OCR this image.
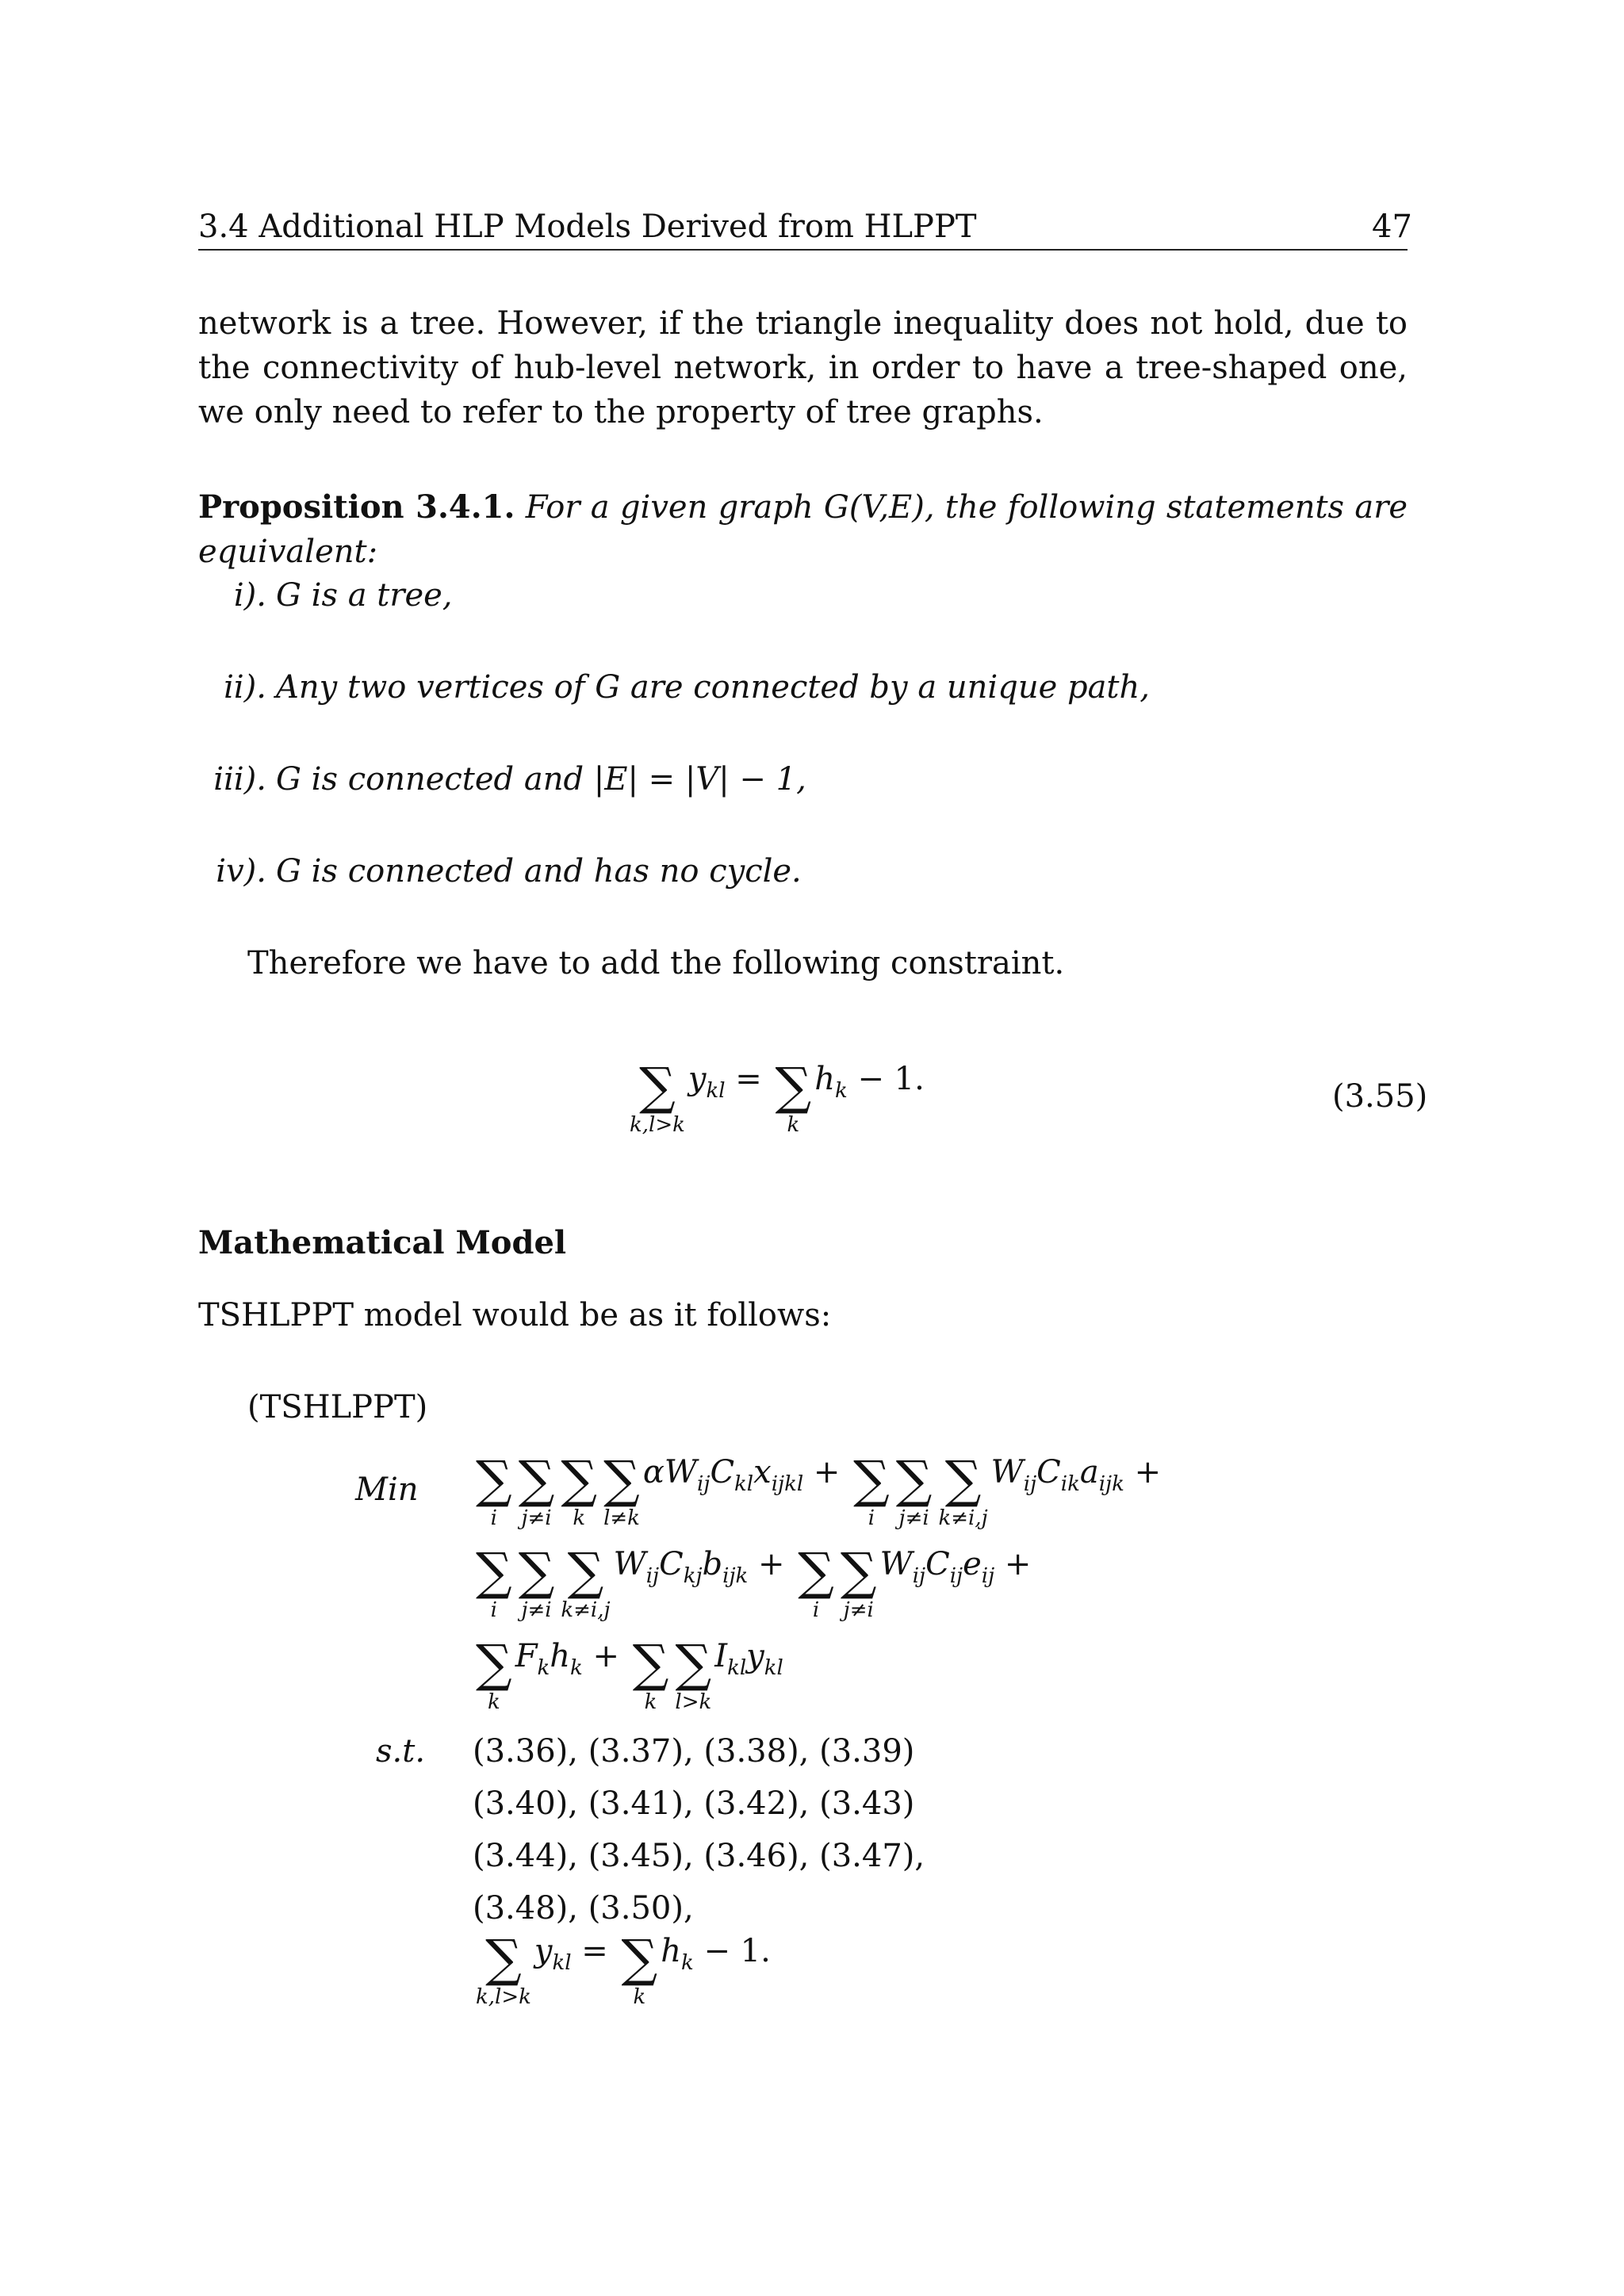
3.4 Additional HLP Models Derived from HLPPT	47
network is a tree. However, if the triangle inequality does not hold, due to the connectivity of hub-level network, in order to have a tree-shaped one, we only need to refer to the property of tree graphs.
Proposition 3.4.1. For a given graph G(V,E), the following statements are equivalent:
i). G is a tree,
ii). Any two vertices of G are connected by a unique path,
iii). G is connected and |E| = |V| − 1,
iv). G is connected and has no cycle.
Therefore we have to add the following constraint.
∑
k,l>k
$y_{kl}$ = ∑
k
$h_k - 1$.	(3.55)
Mathematical Model
TSHLPPT model would be as it follows:
(TSHLPPT)
Min ∑
i
∑
j≠i
∑
k
∑
l≠k
$\alpha W_{ij}C_{kl}x_{ijkl}$ + ∑
i
∑
j≠i
∑
k≠i,j
$W_{ij}C_{ik}a_{ijk}$ +
∑
i
∑
j≠i
∑
k≠i,j
$W_{ij}C_{kj}b_{ijk}$ + ∑
i
∑
j≠i
$W_{ij}C_{ij}e_{ij}$ +
∑
k
$F_kh_k$ + ∑
k
∑
l>k
$I_{kl}y_{kl}$
s.t. (3.36), (3.37), (3.38), (3.39)
(3.40), (3.41), (3.42), (3.43)
(3.44), (3.45), (3.46), (3.47),
(3.48), (3.50),
∑
k,l>k
$y_{kl}$ = ∑
k
$h_k - 1$.
